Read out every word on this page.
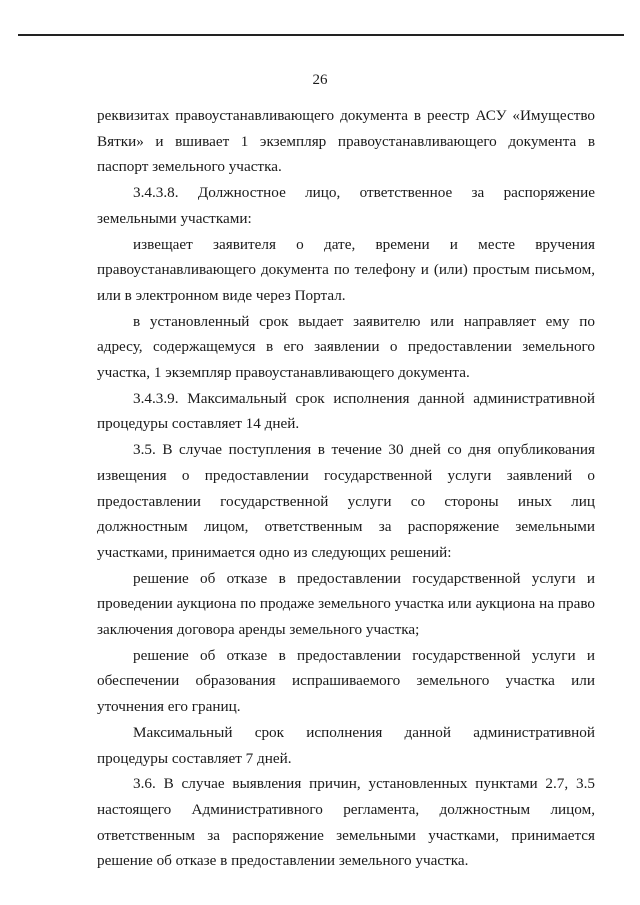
26

реквизитах правоустанавливающего документа в реестр АСУ «Имущество Вятки» и вшивает 1 экземпляр правоустанавливающего документа в паспорт земельного участка.

3.4.3.8. Должностное лицо, ответственное за распоряжение земельными участками:

извещает заявителя о дате, времени и месте вручения правоустанавливающего документа по телефону и (или) простым письмом, или в электронном виде через Портал.

в установленный срок выдает заявителю или направляет ему по адресу, содержащемуся в его заявлении о предоставлении земельного участка, 1 экземпляр правоустанавливающего документа.

3.4.3.9. Максимальный срок исполнения данной административной процедуры составляет 14 дней.

3.5. В случае поступления в течение 30 дней со дня опубликования извещения о предоставлении государственной услуги заявлений о предоставлении государственной услуги со стороны иных лиц должностным лицом, ответственным за распоряжение земельными участками, принимается одно из следующих решений:

решение об отказе в предоставлении государственной услуги и проведении аукциона по продаже земельного участка или аукциона на право заключения договора аренды земельного участка;

решение об отказе в предоставлении государственной услуги и обеспечении образования испрашиваемого земельного участка или уточнения его границ.

Максимальный срок исполнения данной административной процедуры составляет 7 дней.

3.6. В случае выявления причин, установленных пунктами 2.7, 3.5 настоящего Административного регламента, должностным лицом, ответственным за распоряжение земельными участками, принимается решение об отказе в предоставлении земельного участка.
